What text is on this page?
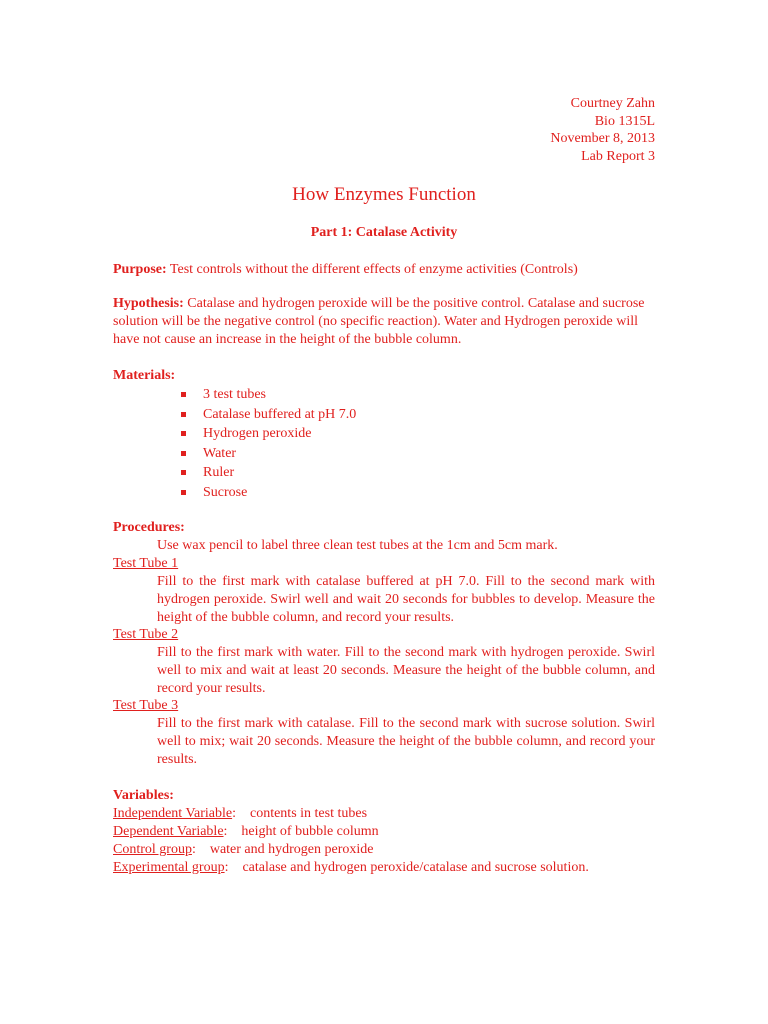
Courtney Zahn
Bio 1315L
November 8, 2013
Lab Report 3
How Enzymes Function
Part 1: Catalase Activity
Purpose: Test controls without the different effects of enzyme activities (Controls)
Hypothesis: Catalase and hydrogen peroxide will be the positive control. Catalase and sucrose solution will be the negative control (no specific reaction). Water and Hydrogen peroxide will have not cause an increase in the height of the bubble column.
Materials:
3 test tubes
Catalase buffered at pH 7.0
Hydrogen peroxide
Water
Ruler
Sucrose
Procedures:
Use wax pencil to label three clean test tubes at the 1cm and 5cm mark.
Test Tube 1
Fill to the first mark with catalase buffered at pH 7.0. Fill to the second mark with hydrogen peroxide. Swirl well and wait 20 seconds for bubbles to develop. Measure the height of the bubble column, and record your results.
Test Tube 2
Fill to the first mark with water. Fill to the second mark with hydrogen peroxide. Swirl well to mix and wait at least 20 seconds. Measure the height of the bubble column, and record your results.
Test Tube 3
Fill to the first mark with catalase. Fill to the second mark with sucrose solution. Swirl well to mix; wait 20 seconds. Measure the height of the bubble column, and record your results.
Variables:
Independent Variable: contents in test tubes
Dependent Variable: height of bubble column
Control group: water and hydrogen peroxide
Experimental group: catalase and hydrogen peroxide/catalase and sucrose solution.
